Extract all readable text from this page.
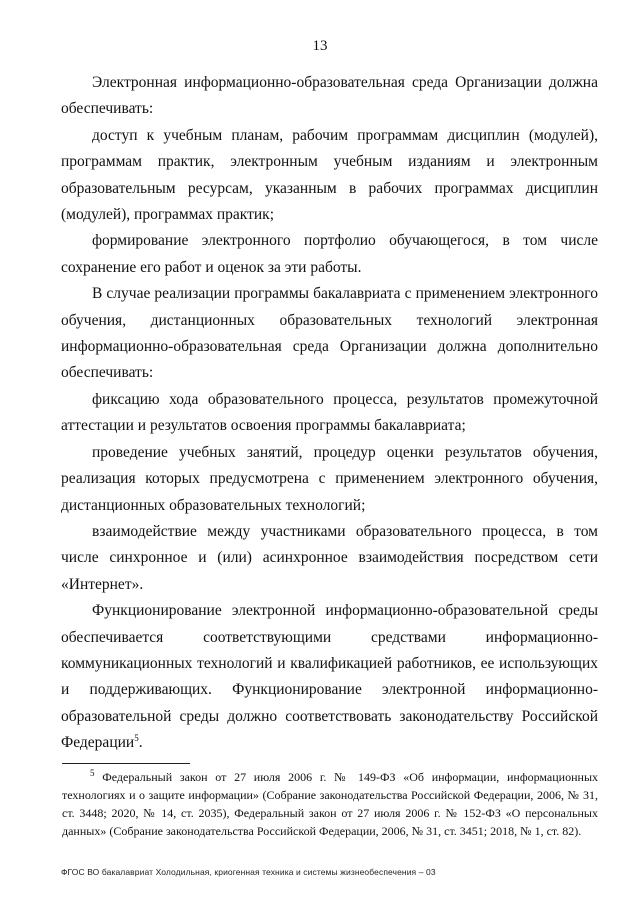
13

Электронная информационно-образовательная среда Организации должна обеспечивать:

доступ к учебным планам, рабочим программам дисциплин (модулей), программам практик, электронным учебным изданиям и электронным образовательным ресурсам, указанным в рабочих программах дисциплин (модулей), программах практик;

формирование электронного портфолио обучающегося, в том числе сохранение его работ и оценок за эти работы.

В случае реализации программы бакалавриата с применением электронного обучения, дистанционных образовательных технологий электронная информационно-образовательная среда Организации должна дополнительно обеспечивать:

фиксацию хода образовательного процесса, результатов промежуточной аттестации и результатов освоения программы бакалавриата;

проведение учебных занятий, процедур оценки результатов обучения, реализация которых предусмотрена с применением электронного обучения, дистанционных образовательных технологий;

взаимодействие между участниками образовательного процесса, в том числе синхронное и (или) асинхронное взаимодействия посредством сети «Интернет».

Функционирование электронной информационно-образовательной среды обеспечивается соответствующими средствами информационно-коммуникационных технологий и квалификацией работников, ее использующих и поддерживающих. Функционирование электронной информационно-образовательной среды должно соответствовать законодательству Российской Федерации$^5$.

$^5$ Федеральный закон от 27 июля 2006 г. № 149-ФЗ «Об информации, информационных технологиях и о защите информации» (Собрание законодательства Российской Федерации, 2006, № 31, ст. 3448; 2020, № 14, ст. 2035), Федеральный закон от 27 июля 2006 г. № 152-ФЗ «О персональных данных» (Собрание законодательства Российской Федерации, 2006, № 31, ст. 3451; 2018, № 1, ст. 82).

ФГОС ВО бакалавриат Холодильная, криогенная техника и системы жизнеобеспечения – 03
